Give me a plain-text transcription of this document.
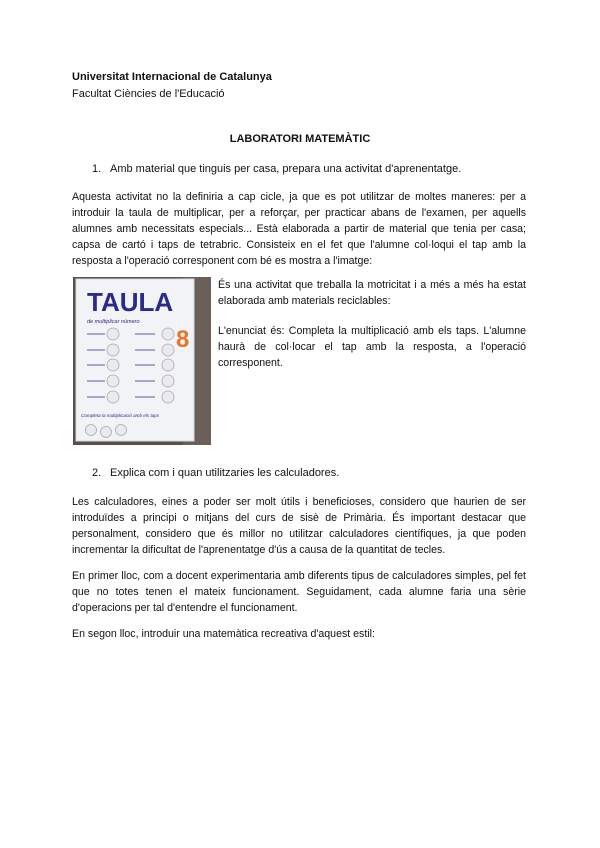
Universitat Internacional de Catalunya
Facultat Ciències de l'Educació
LABORATORI MATEMÀTIC
1. Amb material que tinguis per casa, prepara una activitat d'aprenentatge.

Aquesta activitat no la definiria a cap cicle, ja que es pot utilitzar de moltes maneres: per a introduir la taula de multiplicar, per a reforçar, per practicar abans de l'examen, per aquells alumnes amb necessitats especials... Està elaborada a partir de material que tenia per casa; capsa de cartó i taps de tetrabric. Consisteix en el fet que l'alumne col·loqui el tap amb la resposta a l'operació corresponent com bé es mostra a l'imatge:

TAULA
8
de multiplicar número
Completa la multiplicació amb els taps

És una activitat que treballa la motricitat i a més a més ha estat elaborada amb materials reciclables:

L'enunciat és: Completa la multiplicació amb els taps. L'alumne haurà de col·locar el tap amb la resposta, a l'operació corresponent.

2. Explica com i quan utilitzaries les calculadores.

Les calculadores, eines a poder ser molt útils i beneficioses, considero que haurien de ser introduïdes a principi o mitjans del curs de sisè de Primària. És important destacar que personalment, considero que és millor no utilitzar calculadores científiques, ja que poden incrementar la dificultat de l'aprenentatge d'ús a causa de la quantitat de tecles.

En primer lloc, com a docent experimentaria amb diferents tipus de calculadores simples, pel fet que no totes tenen el mateix funcionament. Seguidament, cada alumne faria una sèrie d'operacions per tal d'entendre el funcionament.

En segon lloc, introduir una matemàtica recreativa d'aquest estil:
